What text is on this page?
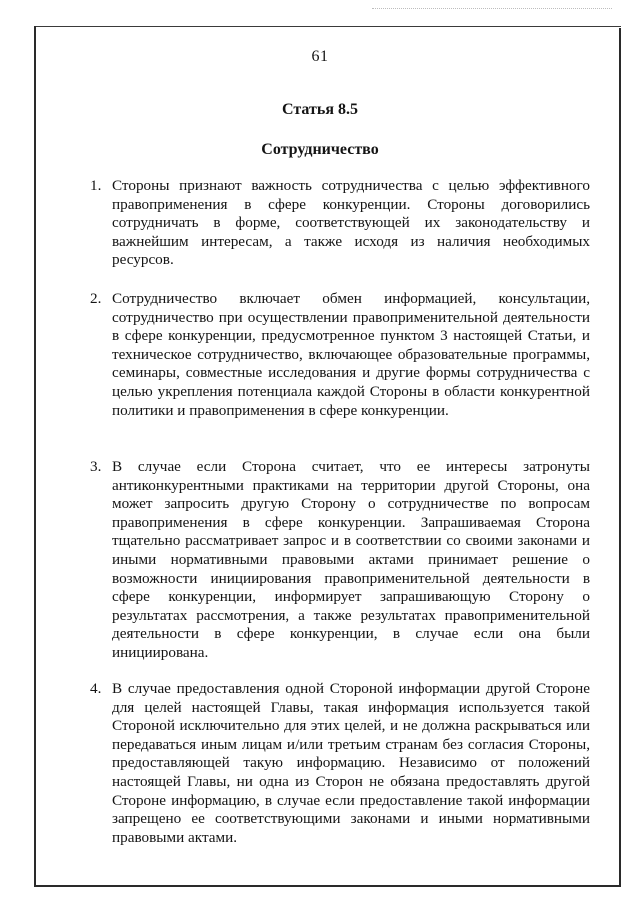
61
Статья 8.5
Сотрудничество
1. Стороны признают важность сотрудничества с целью эффективного правоприменения в сфере конкуренции. Стороны договорились сотрудничать в форме, соответствующей их законодательству и важнейшим интересам, а также исходя из наличия необходимых ресурсов.
2. Сотрудничество включает обмен информацией, консультации, сотрудничество при осуществлении правоприменительной деятельности в сфере конкуренции, предусмотренное пунктом 3 настоящей Статьи, и техническое сотрудничество, включающее образовательные программы, семинары, совместные исследования и другие формы сотрудничества с целью укрепления потенциала каждой Стороны в области конкурентной политики и правоприменения в сфере конкуренции.
3. В случае если Сторона считает, что ее интересы затронуты антиконкурентными практиками на территории другой Стороны, она может запросить другую Сторону о сотрудничестве по вопросам правоприменения в сфере конкуренции. Запрашиваемая Сторона тщательно рассматривает запрос и в соответствии со своими законами и иными нормативными правовыми актами принимает решение о возможности инициирования правоприменительной деятельности в сфере конкуренции, информирует запрашивающую Сторону о результатах рассмотрения, а также результатах правоприменительной деятельности в сфере конкуренции, в случае если она были инициирована.
4. В случае предоставления одной Стороной информации другой Стороне для целей настоящей Главы, такая информация используется такой Стороной исключительно для этих целей, и не должна раскрываться или передаваться иным лицам и/или третьим странам без согласия Стороны, предоставляющей такую информацию. Независимо от положений настоящей Главы, ни одна из Сторон не обязана предоставлять другой Стороне информацию, в случае если предоставление такой информации запрещено ее соответствующими законами и иными нормативными правовыми актами.
